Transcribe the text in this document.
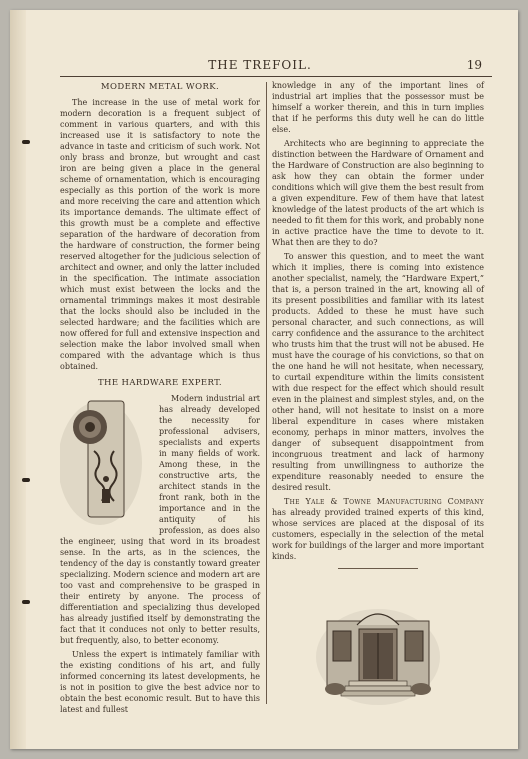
THE TREFOIL.	19
MODERN METAL WORK.

The increase in the use of metal work for modern decoration is a frequent subject of comment in various quarters, and with this increased use it is satisfactory to note the advance in taste and criticism of such work. Not only brass and bronze, but wrought and cast iron are being given a place in the general scheme of ornamentation, which is encouraging especially as this portion of the work is more and more receiving the care and attention which its importance demands. The ultimate effect of this growth must be a complete and effective separation of the hardware of decoration from the hardware of construction, the former being reserved altogether for the judicious selection of architect and owner, and only the latter included in the specification. The intimate association which must exist between the locks and the ornamental trimmings makes it most desirable that the locks should also be included in the selected hardware; and the facilities which are now offered for full and extensive inspection and selection make the labor involved small when compared with the advantage which is thus obtained.

THE HARDWARE EXPERT.

Modern industrial art has already developed the necessity for professional advisers, specialists and experts in many fields of work. Among these, in the constructive arts, the architect stands in the front rank, both in the importance and in the antiquity of his profession, as does also the engineer, using that word in its broadest sense. In the arts, as in the sciences, the tendency of the day is constantly toward greater specializing. Modern science and modern art are too vast and comprehensive to be grasped in their entirety by anyone. The process of differentiation and specializing thus developed has already justified itself by demonstrating the fact that it conduces not only to better results, but frequently, also, to better economy.

Unless the expert is intimately familiar with the existing conditions of his art, and fully informed concerning its latest developments, he is not in position to give the best advice nor to obtain the best economic result. But to have this latest and fullest

knowledge in any of the important lines of industrial art implies that the possessor must be himself a worker therein, and this in turn implies that if he performs this duty well he can do little else.

Architects who are beginning to appreciate the distinction between the Hardware of Ornament and the Hardware of Construction are also beginning to ask how they can obtain the former under conditions which will give them the best result from a given expenditure. Few of them have that latest knowledge of the latest products of the art which is needed to fit them for this work, and probably none in active practice have the time to devote to it. What then are they to do?

To answer this question, and to meet the want which it implies, there is coming into existence another specialist, namely, the “Hardware Expert,” that is, a person trained in the art, knowing all of its present possibilities and familiar with its latest products. Added to these he must have such personal character, and such connections, as will carry confidence and the assurance to the architect who trusts him that the trust will not be abused. He must have the courage of his convictions, so that on the one hand he will not hesitate, when necessary, to curtail expenditure within the limits consistent with due respect for the effect which should result even in the plainest and simplest styles, and, on the other hand, will not hesitate to insist on a more liberal expenditure in cases where mistaken economy, perhaps in minor matters, involves the danger of subsequent disappointment from incongruous treatment and lack of harmony resulting from unwillingness to authorize the expenditure reasonably needed to ensure the desired result.

The Yale & Towne Manufacturing Company has already provided trained experts of this kind, whose services are placed at the disposal of its customers, especially in the selection of the metal work for buildings of the larger and more important kinds.
